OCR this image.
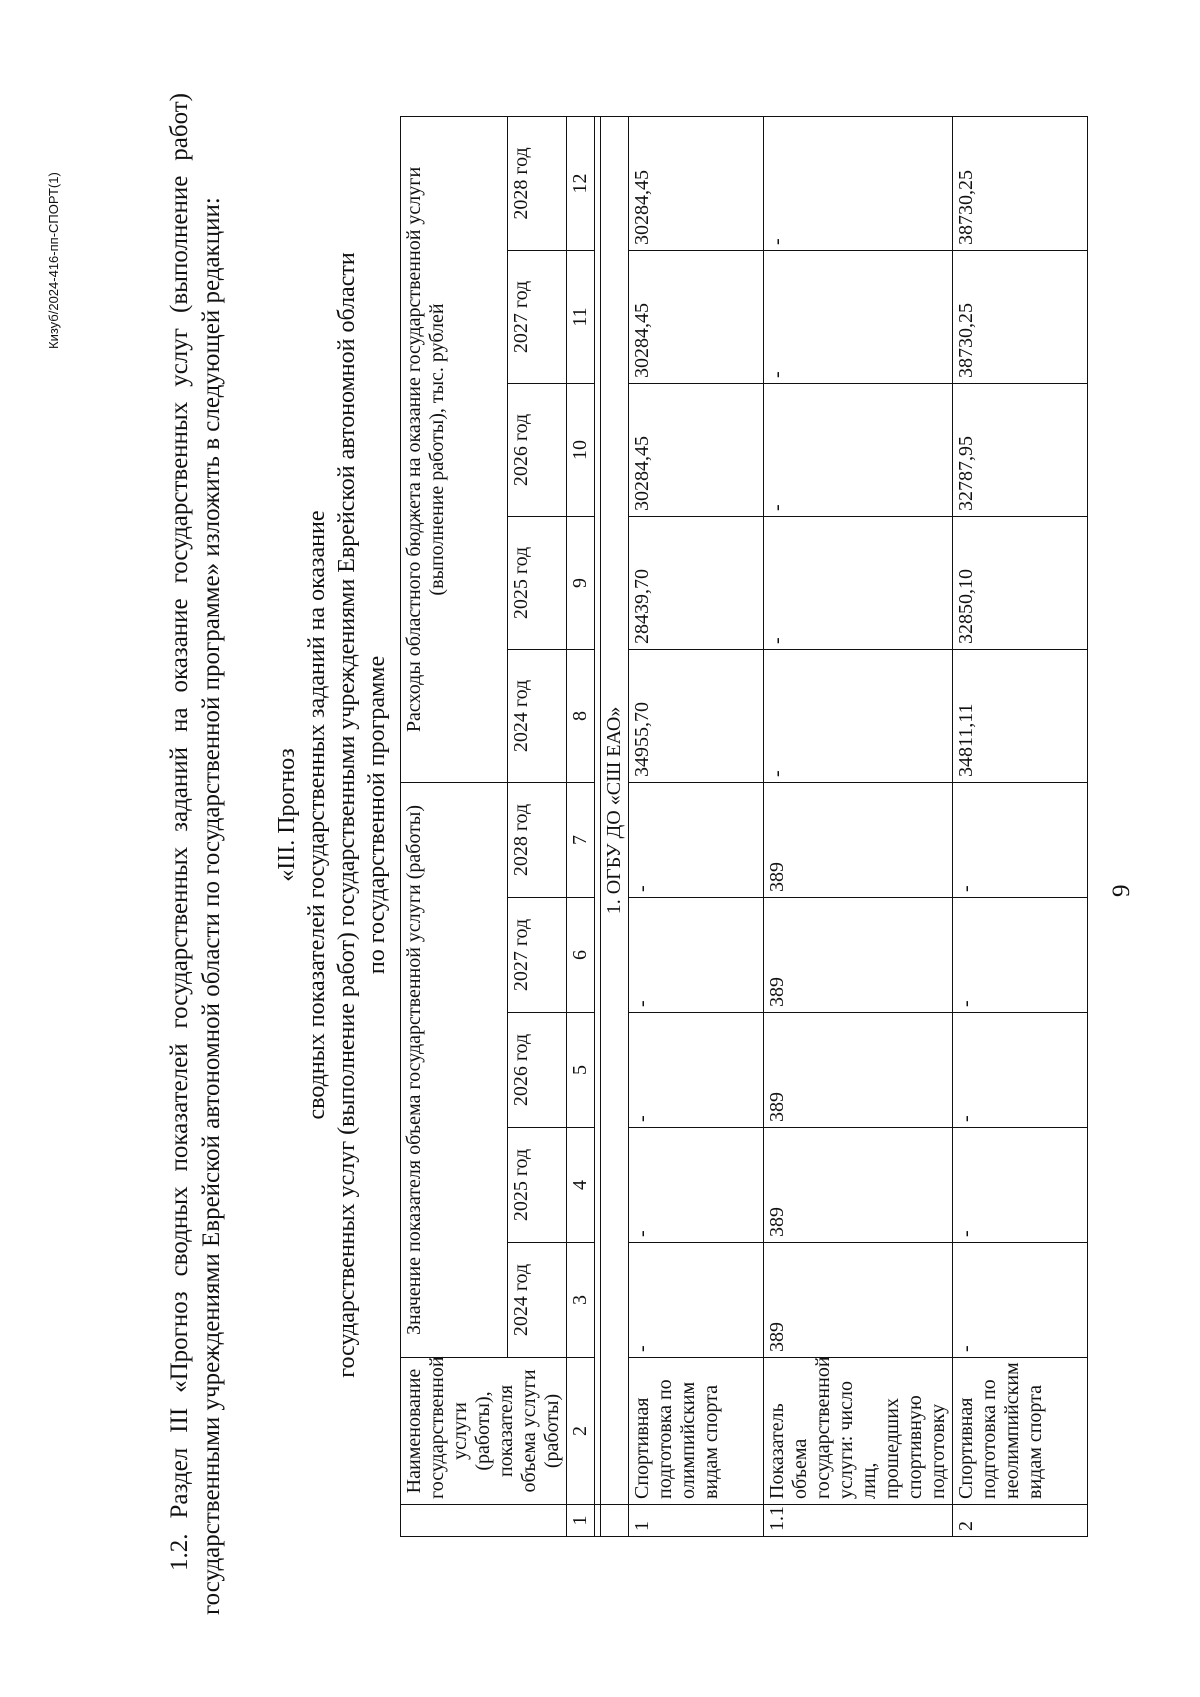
9

1.2. Раздел III «Прогноз сводных показателей государственных заданий на оказание государственных услуг (выполнение работ) государственными учреждениями Еврейской автономной области по государственной программе» изложить в следующей редакции:

«III. Прогноз сводных показателей государственных заданий на оказание государственных услуг (выполнение работ) государственными учреждениями Еврейской автономной области по государственной программе
	Наименование государственной услуги (работы), показателя объема услуги (работы)	Значение показателя объема государственной услуги (работы)					Расходы областного бюджета на оказание государственной услуги (выполнение работы), тыс. рублей				
		2024 год	2025 год	2026 год	2027 год	2028 год	2024 год	2025 год	2026 год	2027 год	2028 год
1	2	3	4	5	6	7	8	9	10	11	12

	1. ОГБУ ДО «СШ ЕАО»										
1	Спортивная подготовка по олимпийским видам спорта	-	-	-	-	-	34955,70	28439,70	30284,45	30284,45	30284,45
1.1	Показатель объема государственной услуги: число лиц, прошедших спортивную подготовку	389	389	389	389	389	-	-	-	-	-
2	Спортивная подготовка по неолимпийским видам спорта	-	-	-	-	-	34811,11	32850,10	32787,95	38730,25	38730,25
Кизуб/2024-416-пп-СПОРТ(1)
